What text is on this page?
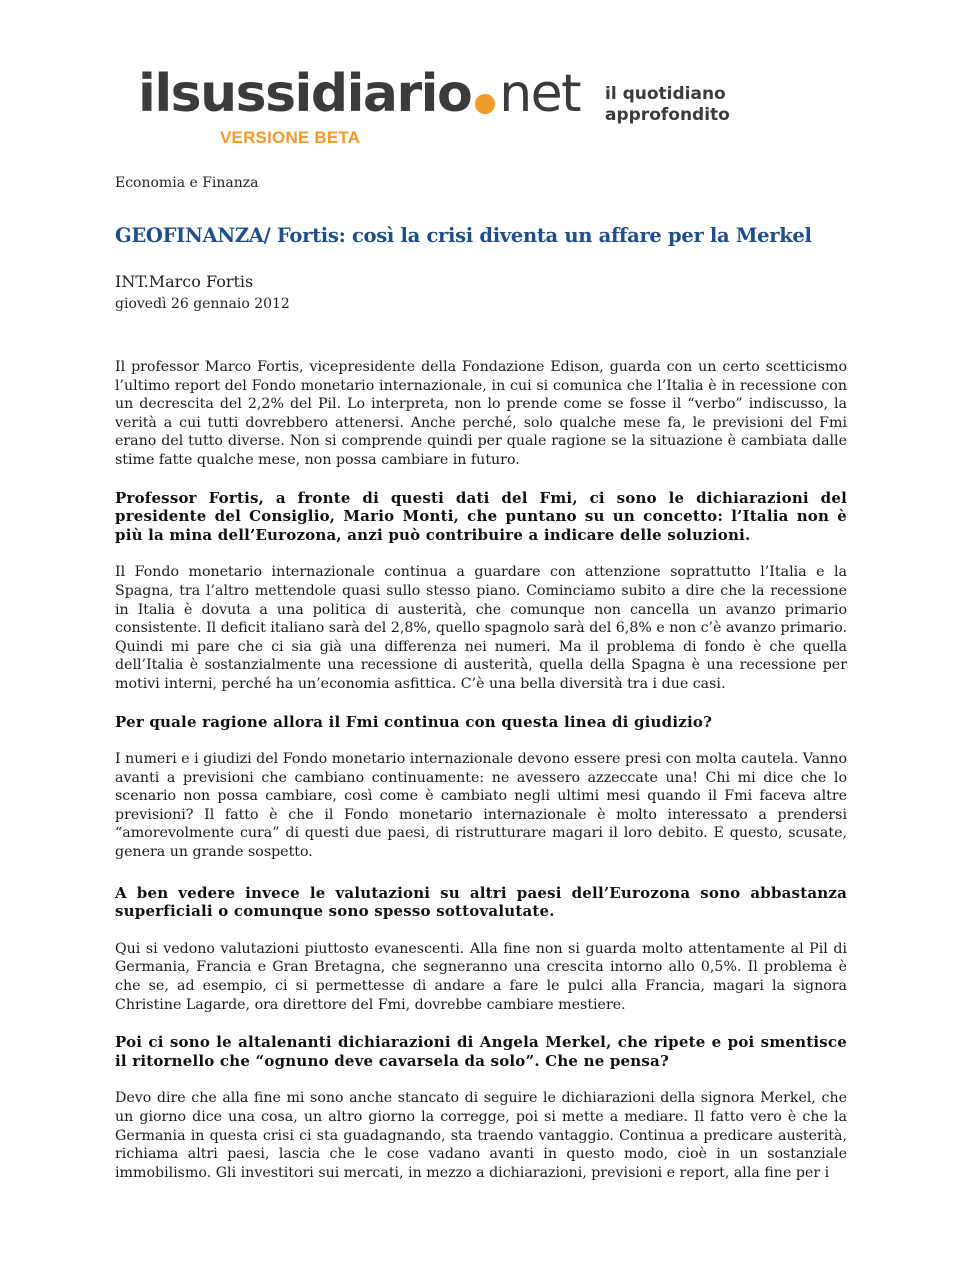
ilsussidiario net
VERSIONE BETA
il quotidiano
approfondito
Economia e Finanza
GEOFINANZA/ Fortis: così la crisi diventa un affare per la Merkel
INT.Marco Fortis
giovedì 26 gennaio 2012

Il professor Marco Fortis, vicepresidente della Fondazione Edison, guarda con un certo scetticismo l’ultimo report del Fondo monetario internazionale, in cui si comunica che l’Italia è in recessione con un decrescita del 2,2% del Pil. Lo interpreta, non lo prende come se fosse il “verbo” indiscusso, la verità a cui tutti dovrebbero attenersi. Anche perché, solo qualche mese fa, le previsioni del Fmi erano del tutto diverse. Non si comprende quindi per quale ragione se la situazione è cambiata dalle stime fatte qualche mese, non possa cambiare in futuro.

Professor Fortis, a fronte di questi dati del Fmi, ci sono le dichiarazioni del presidente del Consiglio, Mario Monti, che puntano su un concetto: l’Italia non è più la mina dell’Eurozona, anzi può contribuire a indicare delle soluzioni.

Il Fondo monetario internazionale continua a guardare con attenzione soprattutto l’Italia e la Spagna, tra l’altro mettendole quasi sullo stesso piano. Cominciamo subito a dire che la recessione in Italia è dovuta a una politica di austerità, che comunque non cancella un avanzo primario consistente. Il deficit italiano sarà del 2,8%, quello spagnolo sarà del 6,8% e non c’è avanzo primario. Quindi mi pare che ci sia già una differenza nei numeri. Ma il problema di fondo è che quella dell’Italia è sostanzialmente una recessione di austerità, quella della Spagna è una recessione per motivi interni, perché ha un’economia asfittica. C’è una bella diversità tra i due casi.

Per quale ragione allora il Fmi continua con questa linea di giudizio?

I numeri e i giudizi del Fondo monetario internazionale devono essere presi con molta cautela. Vanno avanti a previsioni che cambiano continuamente: ne avessero azzeccate una! Chi mi dice che lo scenario non possa cambiare, così come è cambiato negli ultimi mesi quando il Fmi faceva altre previsioni? Il fatto è che il Fondo monetario internazionale è molto interessato a prendersi “amorevolmente cura” di questi due paesi, di ristrutturare magari il loro debito. E questo, scusate, genera un grande sospetto.

A ben vedere invece le valutazioni su altri paesi dell’Eurozona sono abbastanza superficiali o comunque sono spesso sottovalutate.

Qui si vedono valutazioni piuttosto evanescenti. Alla fine non si guarda molto attentamente al Pil di Germania, Francia e Gran Bretagna, che segneranno una crescita intorno allo 0,5%. Il problema è che se, ad esempio, ci si permettesse di andare a fare le pulci alla Francia, magari la signora Christine Lagarde, ora direttore del Fmi, dovrebbe cambiare mestiere.

Poi ci sono le altalenanti dichiarazioni di Angela Merkel, che ripete e poi smentisce il ritornello che “ognuno deve cavarsela da solo”. Che ne pensa?

Devo dire che alla fine mi sono anche stancato di seguire le dichiarazioni della signora Merkel, che un giorno dice una cosa, un altro giorno la corregge, poi si mette a mediare. Il fatto vero è che la Germania in questa crisi ci sta guadagnando, sta traendo vantaggio. Continua a predicare austerità, richiama altri paesi, lascia che le cose vadano avanti in questo modo, cioè in un sostanziale immobilismo. Gli investitori sui mercati, in mezzo a dichiarazioni, previsioni e report, alla fine per i
